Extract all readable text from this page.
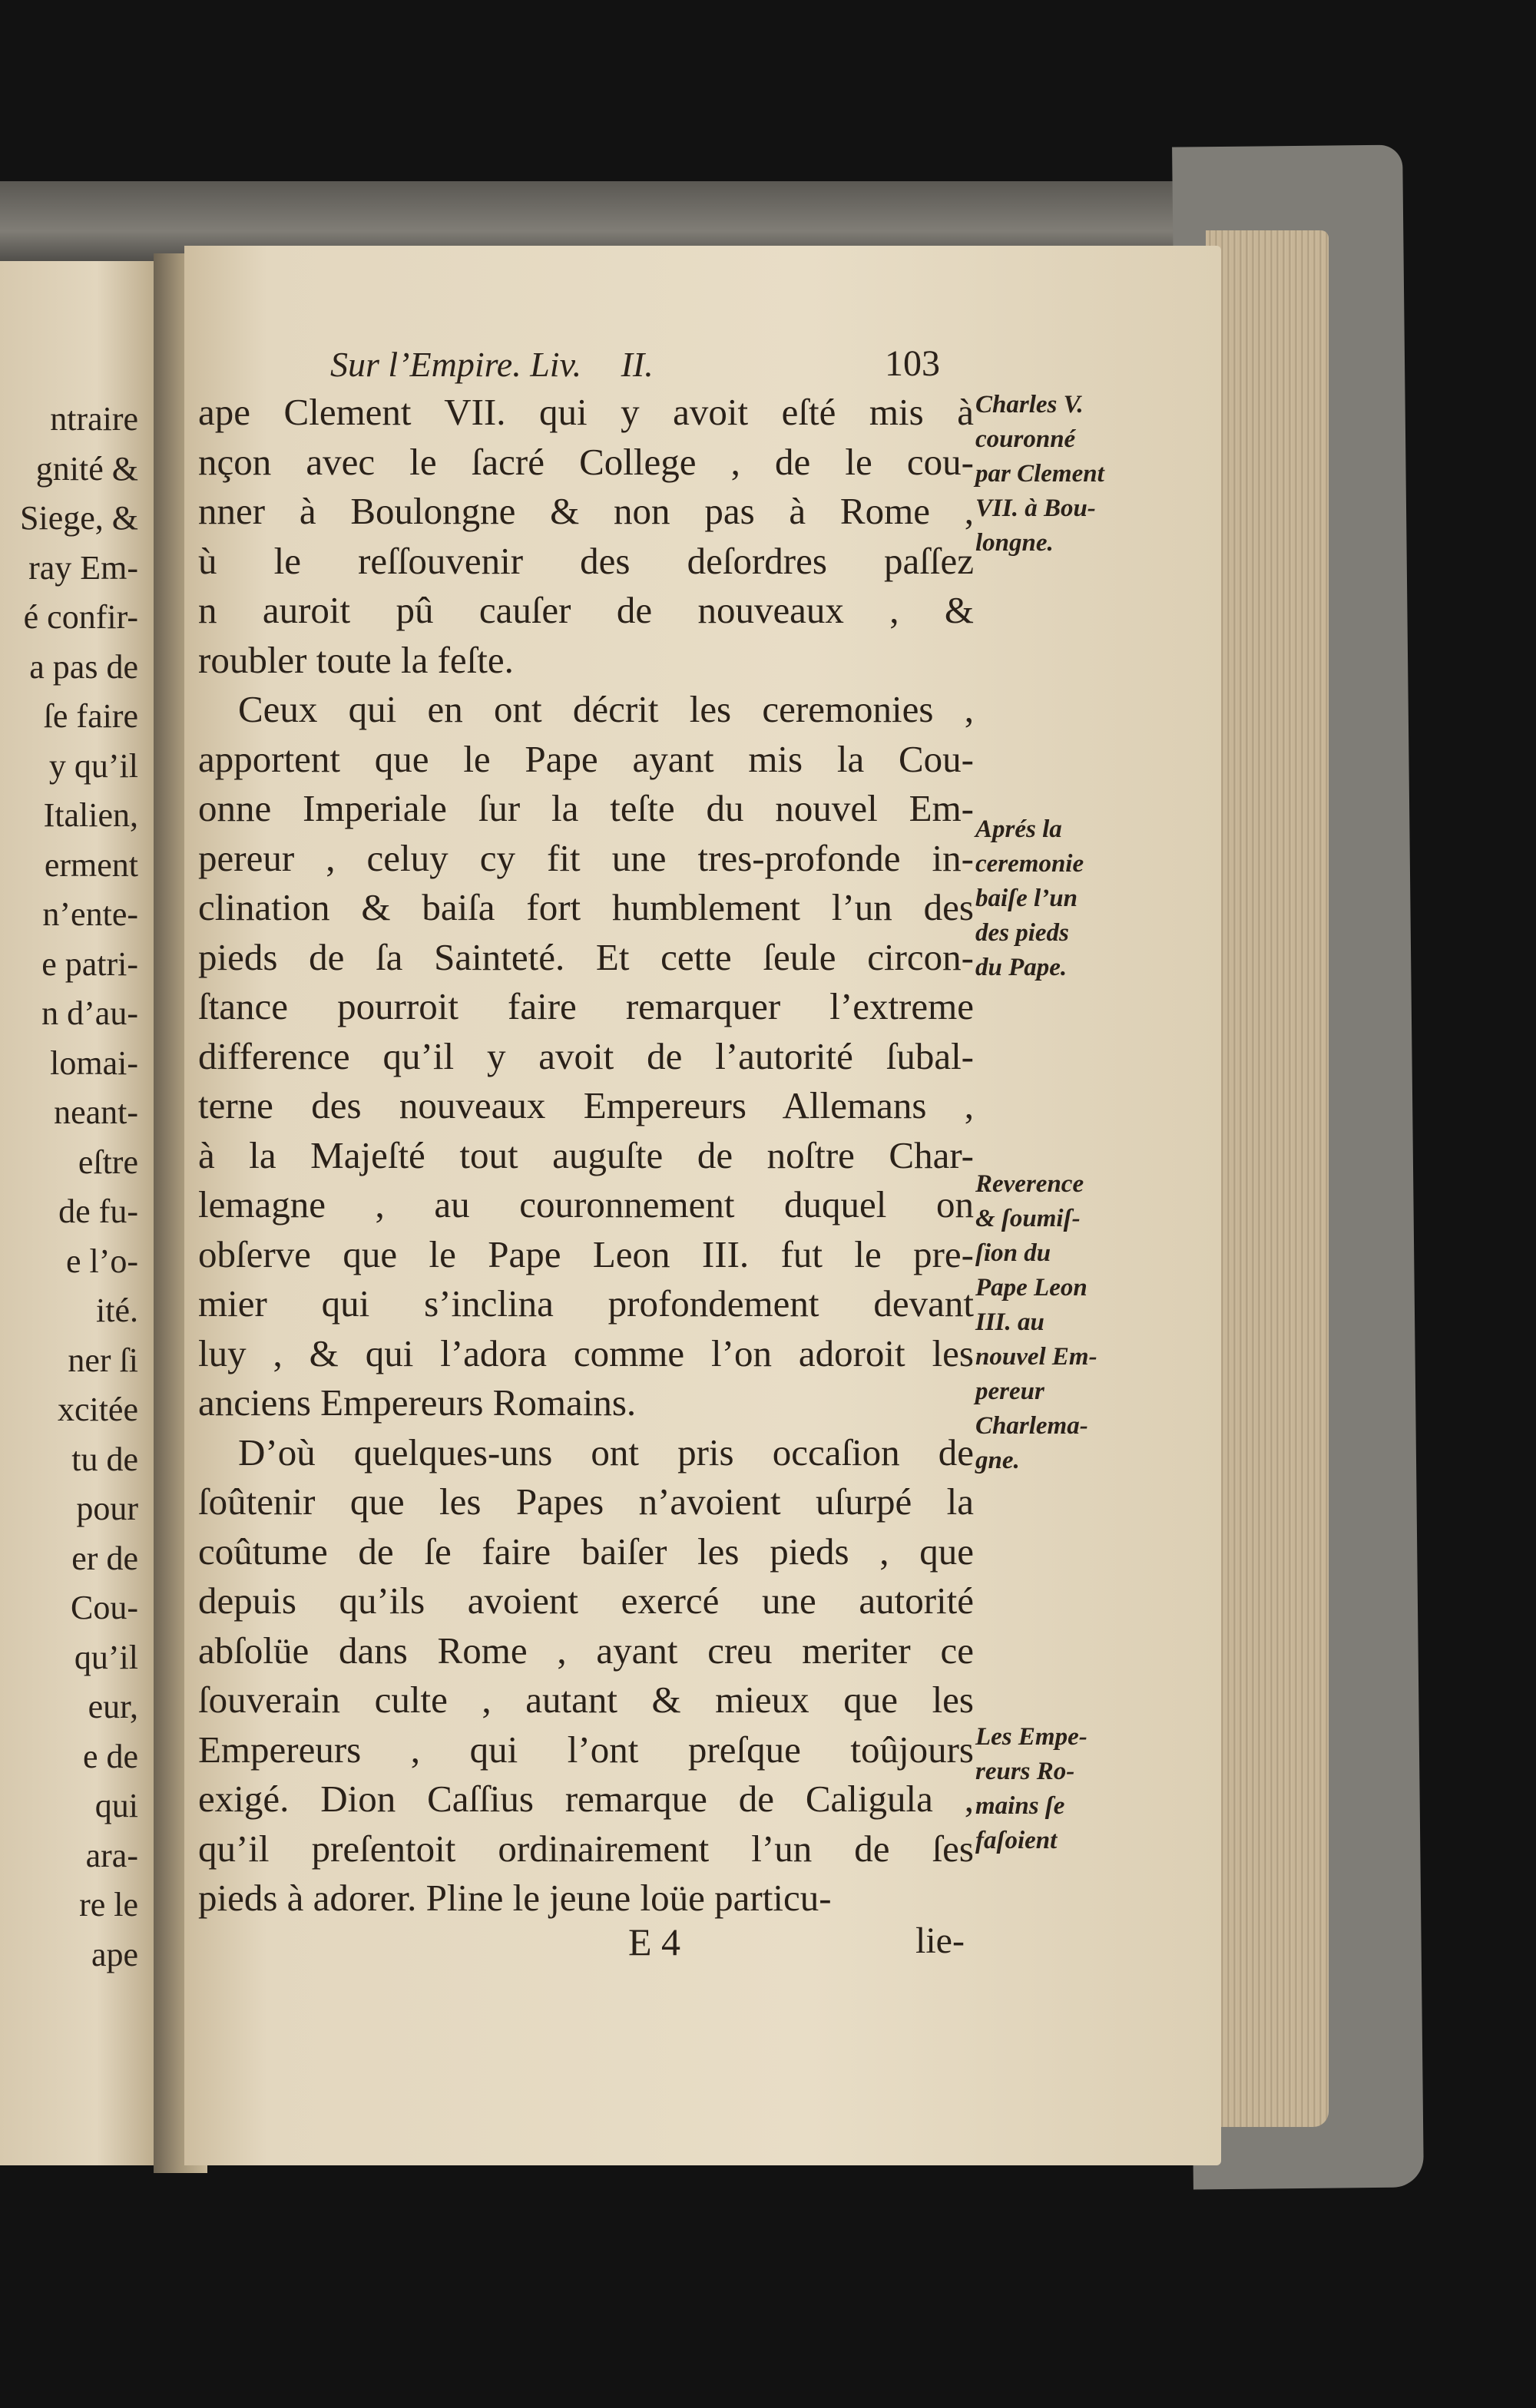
ntraire
gnité &
Siege, &
ray Em-
é confir-
a pas de
ſe faire
y qu’il
Italien,
erment
n’ente-
e patri-
n d’au-
lomai-
neant-
eſtre
de fu-
e l’o-
ité.
ner ſi
xcitée
tu de
pour
er de
Cou-
qu’il
eur,
e de
qui
ara-
re le
ape
Sur l’Empire. Liv. II.	103
ape Clement VII. qui y avoit eſté mis à
nçon avec le ſacré College , de le cou-
nner à Boulongne & non pas à Rome ,
ù le reſſouvenir des deſordres paſſez
n auroit pû cauſer de nouveaux , &
roubler toute la feſte.
Ceux qui en ont décrit les ceremonies ,
apportent que le Pape ayant mis la Cou-
onne Imperiale ſur la teſte du nouvel Em-
pereur , celuy cy fit une tres-profonde in-
clination & baiſa fort humblement l’un des
pieds de ſa Sainteté. Et cette ſeule circon-
ſtance pourroit faire remarquer l’extreme
difference qu’il y avoit de l’autorité ſubal-
terne des nouveaux Empereurs Allemans ,
à la Majeſté tout auguſte de noſtre Char-
lemagne , au couronnement duquel on
obſerve que le Pape Leon III. fut le pre-
mier qui s’inclina profondement devant
luy , & qui l’adora comme l’on adoroit les
anciens Empereurs Romains.
D’où quelques-uns ont pris occaſion de
ſoûtenir que les Papes n’avoient uſurpé la
coûtume de ſe faire baiſer les pieds , que
depuis qu’ils avoient exercé une autorité
abſolüe dans Rome , ayant creu meriter ce
ſouverain culte , autant & mieux que les
Empereurs , qui l’ont preſque toûjours
exigé. Dion Caſſius remarque de Caligula ,
qu’il preſentoit ordinairement l’un de ſes
pieds à adorer. Pline le jeune loüe particu-
Charles V.
couronné
par Clement
VII. à Bou-
longne.
Aprés la
ceremonie
baiſe l’un
des pieds
du Pape.
Reverence
& ſoumiſ-
ſion du
Pape Leon
III. au
nouvel Em-
pereur
Charlema-
gne.
Les Empe-
reurs Ro-
mains ſe
faſoient
E 4	lie-
